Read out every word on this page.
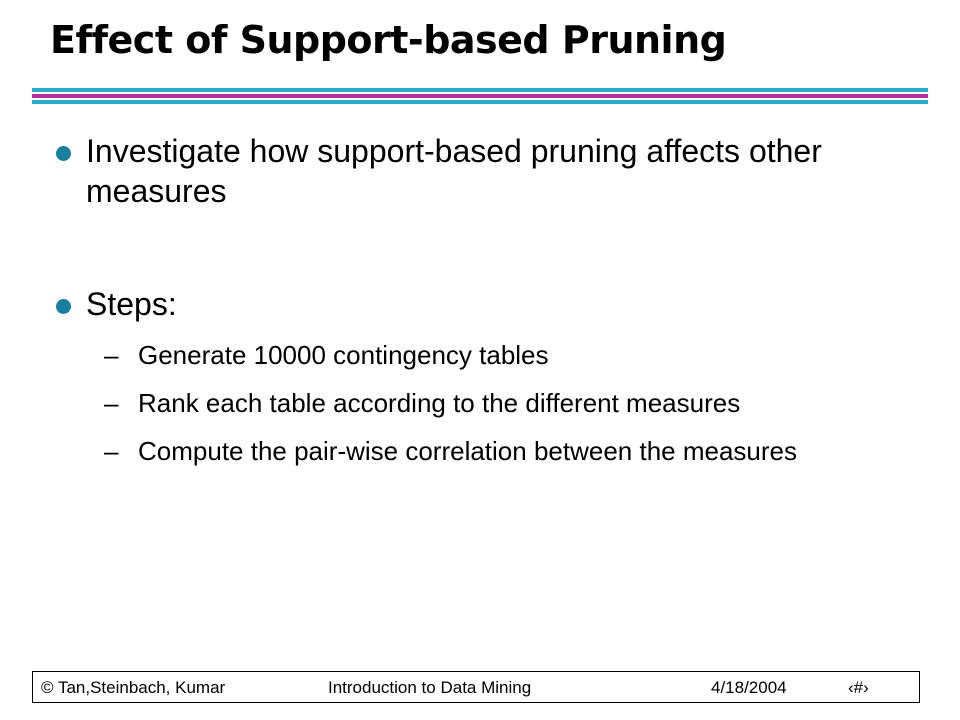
Effect of Support-based Pruning
Investigate how support-based pruning affects other measures
Steps:
– Generate 10000 contingency tables
– Rank each table according to the different measures
– Compute the pair-wise correlation between the measures
© Tan,Steinbach, Kumar	Introduction to Data Mining	4/18/2004	‹#›
